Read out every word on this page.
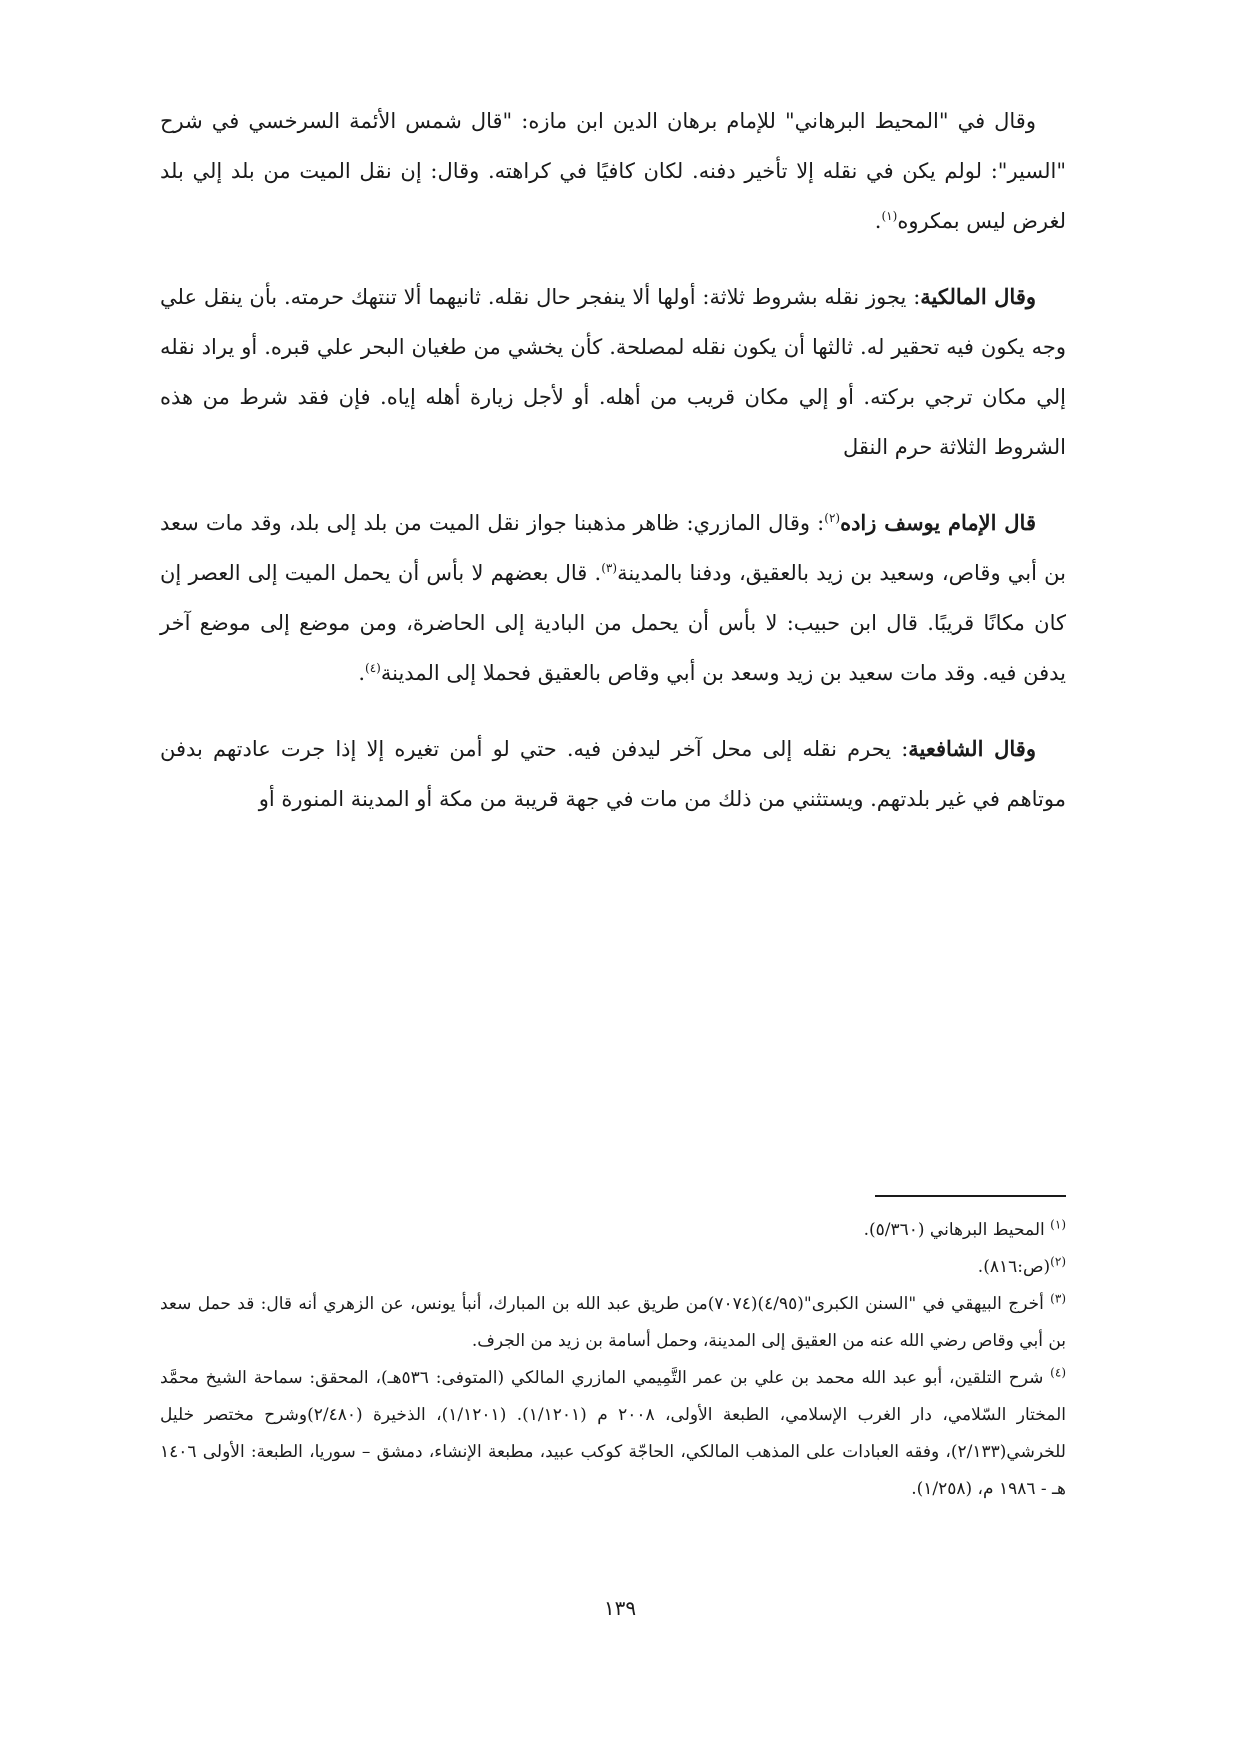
وقال في "المحيط البرهاني" للإمام برهان الدين ابن مازه: "قال شمس الأئمة السرخسي في شرح "السير": لولم يكن في نقله إلا تأخير دفنه. لكان كافيًا في كراهته. وقال: إن نقل الميت من بلد إلي بلد لغرض ليس بمكروه$^{(١)}$.

وقال المالكية: يجوز نقله بشروط ثلاثة: أولها ألا ينفجر حال نقله. ثانيهما ألا تنتهك حرمته. بأن ينقل علي وجه يكون فيه تحقير له. ثالثها أن يكون نقله لمصلحة. كأن يخشي من طغيان البحر علي قبره. أو يراد نقله إلي مكان ترجي بركته. أو إلي مكان قريب من أهله. أو لأجل زيارة أهله إياه. فإن فقد شرط من هذه الشروط الثلاثة حرم النقل

قال الإمام يوسف زاده$^{(٢)}$: وقال المازري: ظاهر مذهبنا جواز نقل الميت من بلد إلى بلد، وقد مات سعد بن أبي وقاص، وسعيد بن زيد بالعقيق، ودفنا بالمدينة$^{(٣)}$. قال بعضهم لا بأس أن يحمل الميت إلى العصر إن كان مكانًا قريبًا. قال ابن حبيب: لا بأس أن يحمل من البادية إلى الحاضرة، ومن موضع إلى موضع آخر يدفن فيه. وقد مات سعيد بن زيد وسعد بن أبي وقاص بالعقيق فحملا إلى المدينة$^{(٤)}$.

وقال الشافعية: يحرم نقله إلى محل آخر ليدفن فيه. حتي لو أمن تغيره إلا إذا جرت عادتهم بدفن موتاهم في غير بلدتهم. ويستثني من ذلك من مات في جهة قريبة من مكة أو المدينة المنورة أو

$^{(١)}$ المحيط البرهاني (٥/٣٦٠).

$^{(٢)}$(ص:٨١٦).

$^{(٣)}$ أخرج البيهقي في "السنن الكبرى"(٤/٩٥)(٧٠٧٤)من طريق عبد الله بن المبارك، أنبأ يونس، عن الزهري أنه قال: قد حمل سعد بن أبي وقاص رضي الله عنه من العقيق إلى المدينة، وحمل أسامة بن زيد من الجرف.

$^{(٤)}$ شرح التلقين، أبو عبد الله محمد بن علي بن عمر التَّمِيمي المازري المالكي (المتوفى: ٥٣٦هـ)، المحقق: سماحة الشيخ محمَّد المختار السّلامي، دار الغرب الإسلامي، الطبعة الأولى، ٢٠٠٨ م (١/١٢٠١). (١/١٢٠١)، الذخيرة (٢/٤٨٠)وشرح مختصر خليل للخرشي(٢/١٣٣)، وفقه العبادات على المذهب المالكي، الحاجّة كوكب عبيد، مطبعة الإنشاء، دمشق – سوريا، الطبعة: الأولى ١٤٠٦ هـ - ١٩٨٦ م، (١/٢٥٨).

١٣٩
